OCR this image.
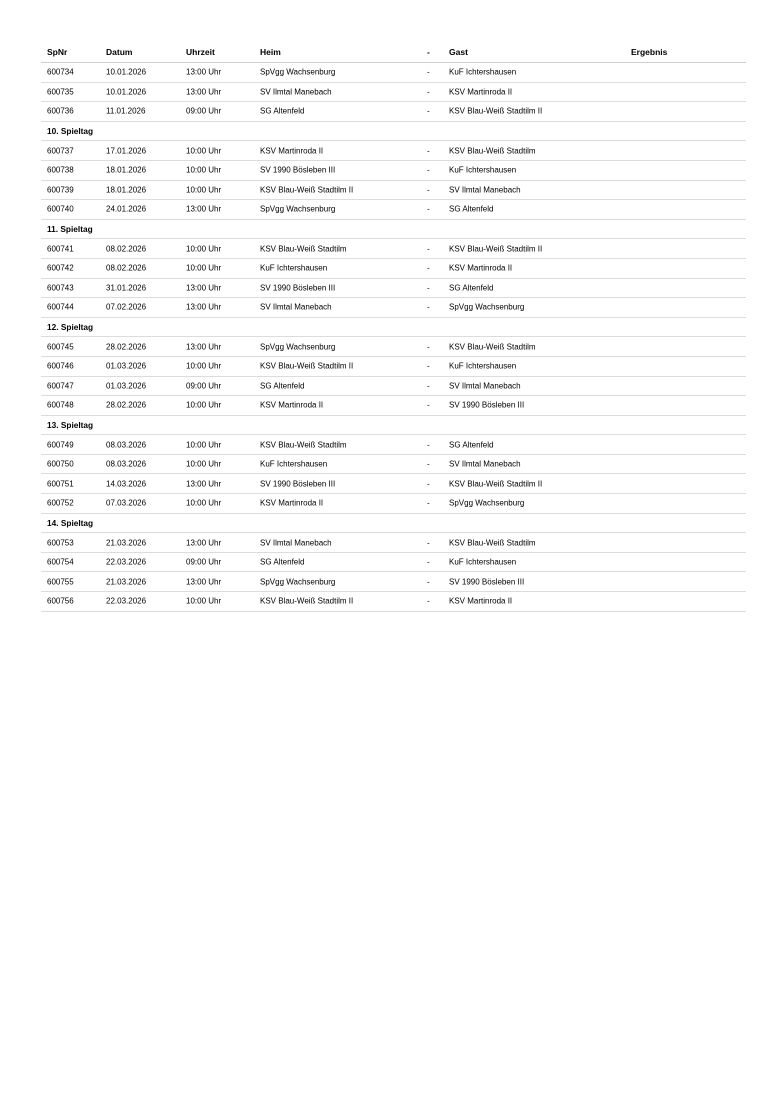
SpNr	Datum	Uhrzeit	Heim	- Gast	Ergebnis
600734	10.01.2026	13:00 Uhr	SpVgg Wachsenburg	- KuF Ichtershausen
600735	10.01.2026	13:00 Uhr	SV Ilmtal Manebach	- KSV Martinroda II
600736	11.01.2026	09:00 Uhr	SG Altenfeld	- KSV Blau-Weiß Stadtilm II
10. Spieltag
600737	17.01.2026	10:00 Uhr	KSV Martinroda II	- KSV Blau-Weiß Stadtilm
600738	18.01.2026	10:00 Uhr	SV 1990 Bösleben III	- KuF Ichtershausen
600739	18.01.2026	10:00 Uhr	KSV Blau-Weiß Stadtilm II	- SV Ilmtal Manebach
600740	24.01.2026	13:00 Uhr	SpVgg Wachsenburg	- SG Altenfeld
11. Spieltag
600741	08.02.2026	10:00 Uhr	KSV Blau-Weiß Stadtilm	- KSV Blau-Weiß Stadtilm II
600742	08.02.2026	10:00 Uhr	KuF Ichtershausen	- KSV Martinroda II
600743	31.01.2026	13:00 Uhr	SV 1990 Bösleben III	- SG Altenfeld
600744	07.02.2026	13:00 Uhr	SV Ilmtal Manebach	- SpVgg Wachsenburg
12. Spieltag
600745	28.02.2026	13:00 Uhr	SpVgg Wachsenburg	- KSV Blau-Weiß Stadtilm
600746	01.03.2026	10:00 Uhr	KSV Blau-Weiß Stadtilm II	- KuF Ichtershausen
600747	01.03.2026	09:00 Uhr	SG Altenfeld	- SV Ilmtal Manebach
600748	28.02.2026	10:00 Uhr	KSV Martinroda II	- SV 1990 Bösleben III
13. Spieltag
600749	08.03.2026	10:00 Uhr	KSV Blau-Weiß Stadtilm	- SG Altenfeld
600750	08.03.2026	10:00 Uhr	KuF Ichtershausen	- SV Ilmtal Manebach
600751	14.03.2026	13:00 Uhr	SV 1990 Bösleben III	- KSV Blau-Weiß Stadtilm II
600752	07.03.2026	10:00 Uhr	KSV Martinroda II	- SpVgg Wachsenburg
14. Spieltag
600753	21.03.2026	13:00 Uhr	SV Ilmtal Manebach	- KSV Blau-Weiß Stadtilm
600754	22.03.2026	09:00 Uhr	SG Altenfeld	- KuF Ichtershausen
600755	21.03.2026	13:00 Uhr	SpVgg Wachsenburg	- SV 1990 Bösleben III
600756	22.03.2026	10:00 Uhr	KSV Blau-Weiß Stadtilm II	- KSV Martinroda II
